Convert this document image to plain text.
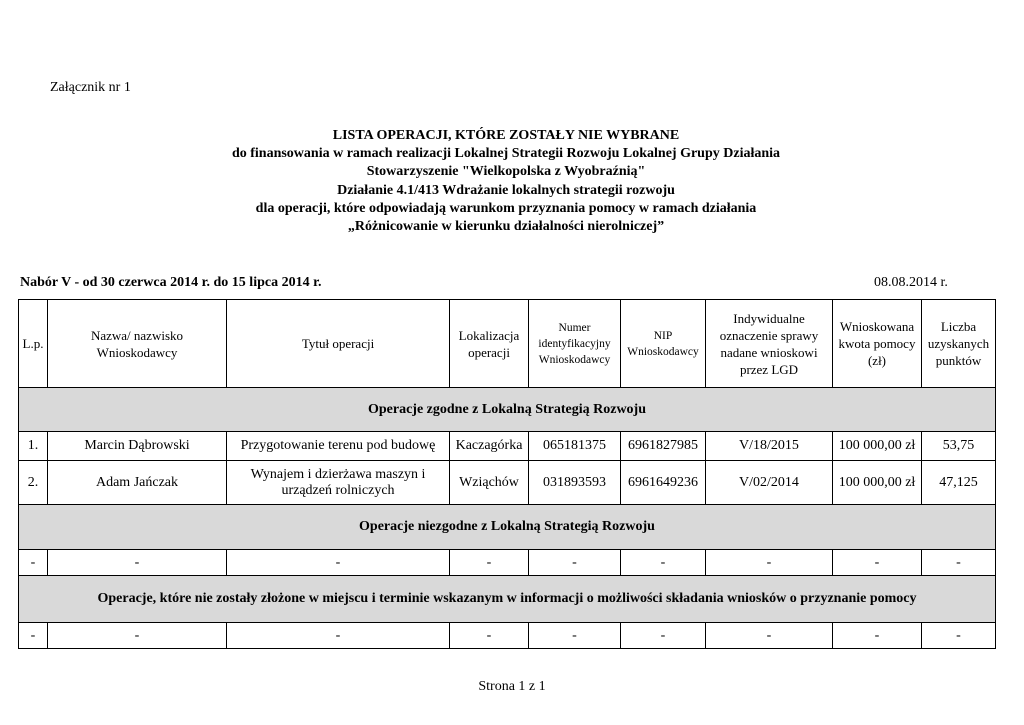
Załącznik nr 1
LISTA OPERACJI, KTÓRE ZOSTAŁY NIE WYBRANE
do finansowania w ramach realizacji Lokalnej Strategii Rozwoju Lokalnej Grupy Działania
Stowarzyszenie "Wielkopolska z Wyobraźnią"
Działanie 4.1/413 Wdrażanie lokalnych strategii rozwoju
dla operacji, które odpowiadają warunkom przyznania pomocy w ramach działania
„Różnicowanie w kierunku działalności nierolniczej”
Nabór V - od 30 czerwca 2014 r. do 15 lipca 2014 r.	08.08.2014 r.
L.p.	Nazwa/ nazwisko Wnioskodawcy	Tytuł operacji	Lokalizacja operacji	Numer identyfikacyjny Wnioskodawcy	NIP Wnioskodawcy	Indywidualne oznaczenie sprawy nadane wnioskowi przez LGD	Wnioskowana kwota pomocy (zł)	Liczba uzyskanych punktów
Operacje zgodne z Lokalną Strategią Rozwoju								
1.	Marcin Dąbrowski	Przygotowanie terenu pod budowę	Kaczagórka	065181375	6961827985	V/18/2015	100 000,00 zł	53,75
2.	Adam Jańczak	Wynajem i dzierżawa maszyn i urządzeń rolniczych	Wziąchów	031893593	6961649236	V/02/2014	100 000,00 zł	47,125
Operacje niezgodne z Lokalną Strategią Rozwoju								
-	-	-	-	-	-	-	-	-
Operacje, które nie zostały złożone w miejscu i terminie wskazanym w informacji o możliwości składania wniosków o przyznanie pomocy								
-	-	-	-	-	-	-	-	-
Strona 1 z 1
